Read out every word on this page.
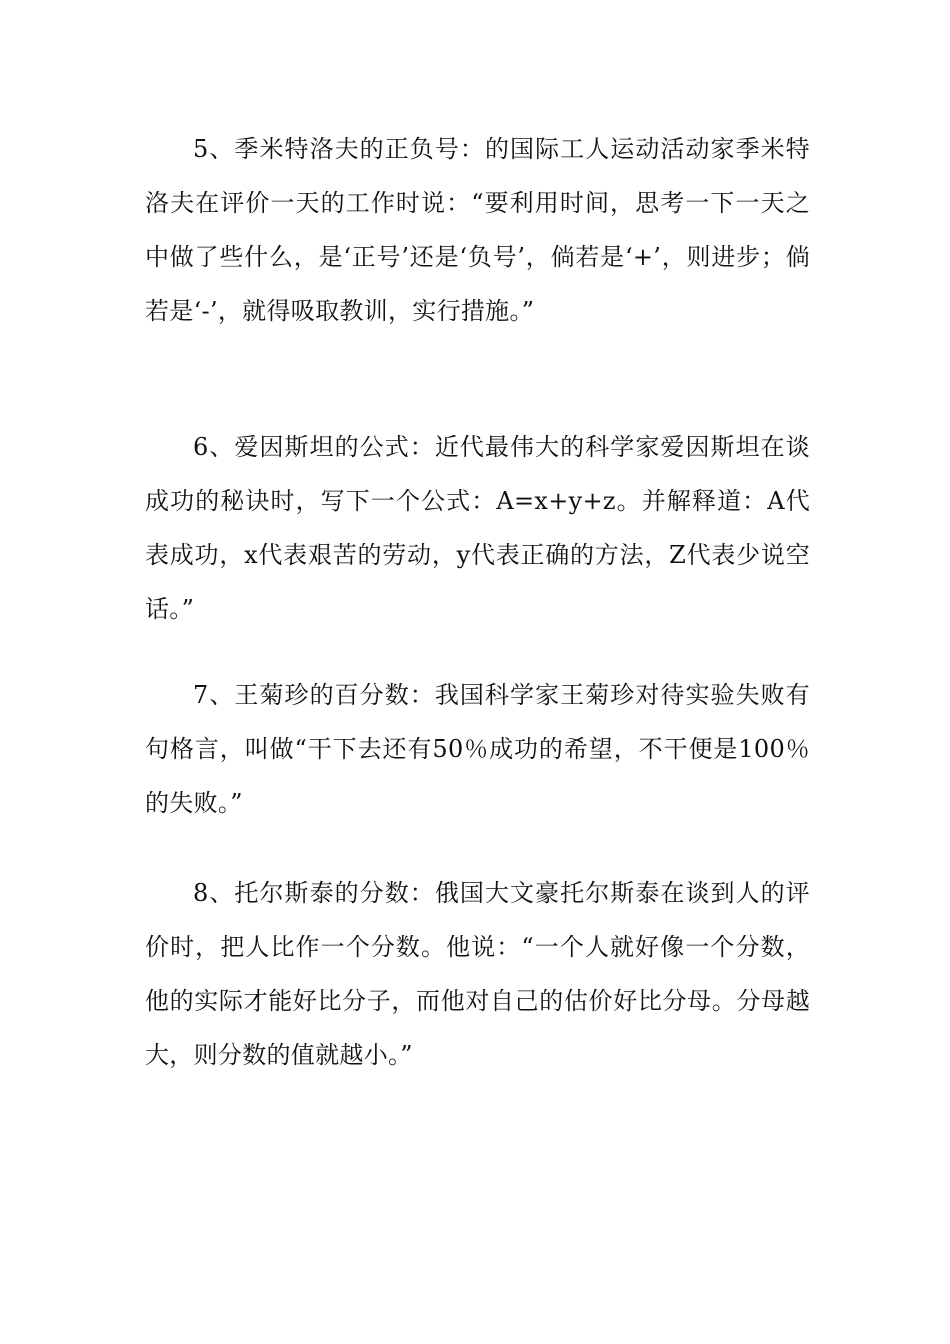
5、季米特洛夫的正负号：的国际工人运动活动家季米特洛夫在评价一天的工作时说：“要利用时间，思考一下一天之中做了些什么，是‘正号’还是‘负号’，倘若是‘+’，则进步；倘若是‘-’，就得吸取教训，实行措施。”

6、爱因斯坦的公式：近代最伟大的科学家爱因斯坦在谈成功的秘诀时，写下一个公式：A=x+y+z。并解释道：A代表成功，x代表艰苦的劳动，y代表正确的方法，Z代表少说空话。”

7、王菊珍的百分数：我国科学家王菊珍对待实验失败有句格言，叫做“干下去还有50％成功的希望，不干便是100％的失败。”

8、托尔斯泰的分数：俄国大文豪托尔斯泰在谈到人的评价时，把人比作一个分数。他说：“一个人就好像一个分数，他的实际才能好比分子，而他对自己的估价好比分母。分母越大，则分数的值就越小。”
